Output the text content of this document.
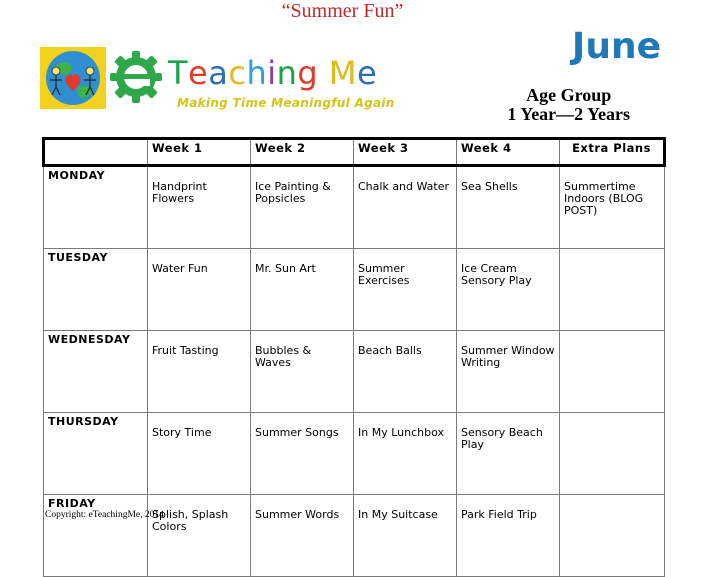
“Summer Fun”
Teaching Me
Making Time Meaningful Again
June
Age Group
1 Year—2 Years
	Week 1	Week 2	Week 3	Week 4	Extra Plans
MONDAY	Handprint Flowers	Ice Painting & Popsicles	Chalk and Water	Sea Shells	Summertime Indoors (BLOG POST)
TUESDAY	Water Fun	Mr. Sun Art	Summer Exercises	Ice Cream Sensory Play	
WEDNESDAY	Fruit Tasting	Bubbles & Waves	Beach Balls	Summer Window Writing	
THURSDAY	Story Time	Summer Songs	In My Lunchbox	Sensory Beach Play	
FRIDAY	Splish, Splash Colors	Summer Words	In My Suitcase	Park Field Trip	
Copyright: eTeachingMe, 2014
